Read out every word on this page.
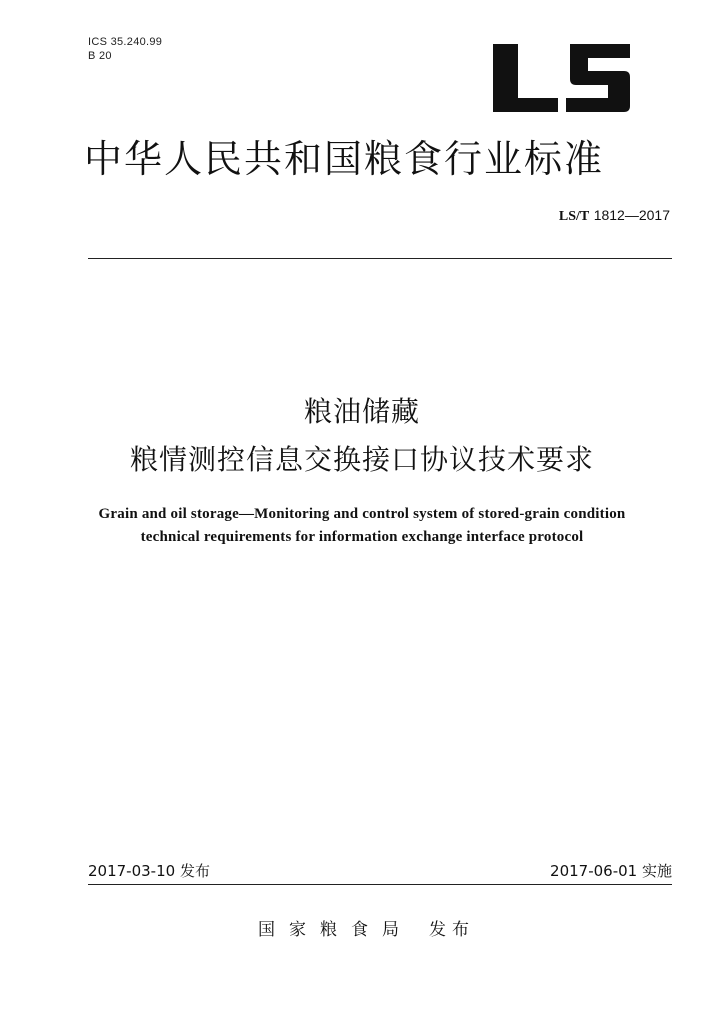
ICS 35.240.99
B 20
中华人民共和国粮食行业标准
LS/T 1812—2017
粮油储藏
粮情测控信息交换接口协议技术要求
Grain and oil storage—Monitoring and control system of stored-grain condition
technical requirements for information exchange interface protocol
2017-03-10 发布	2017-06-01 实施
国家粮食局 发布
